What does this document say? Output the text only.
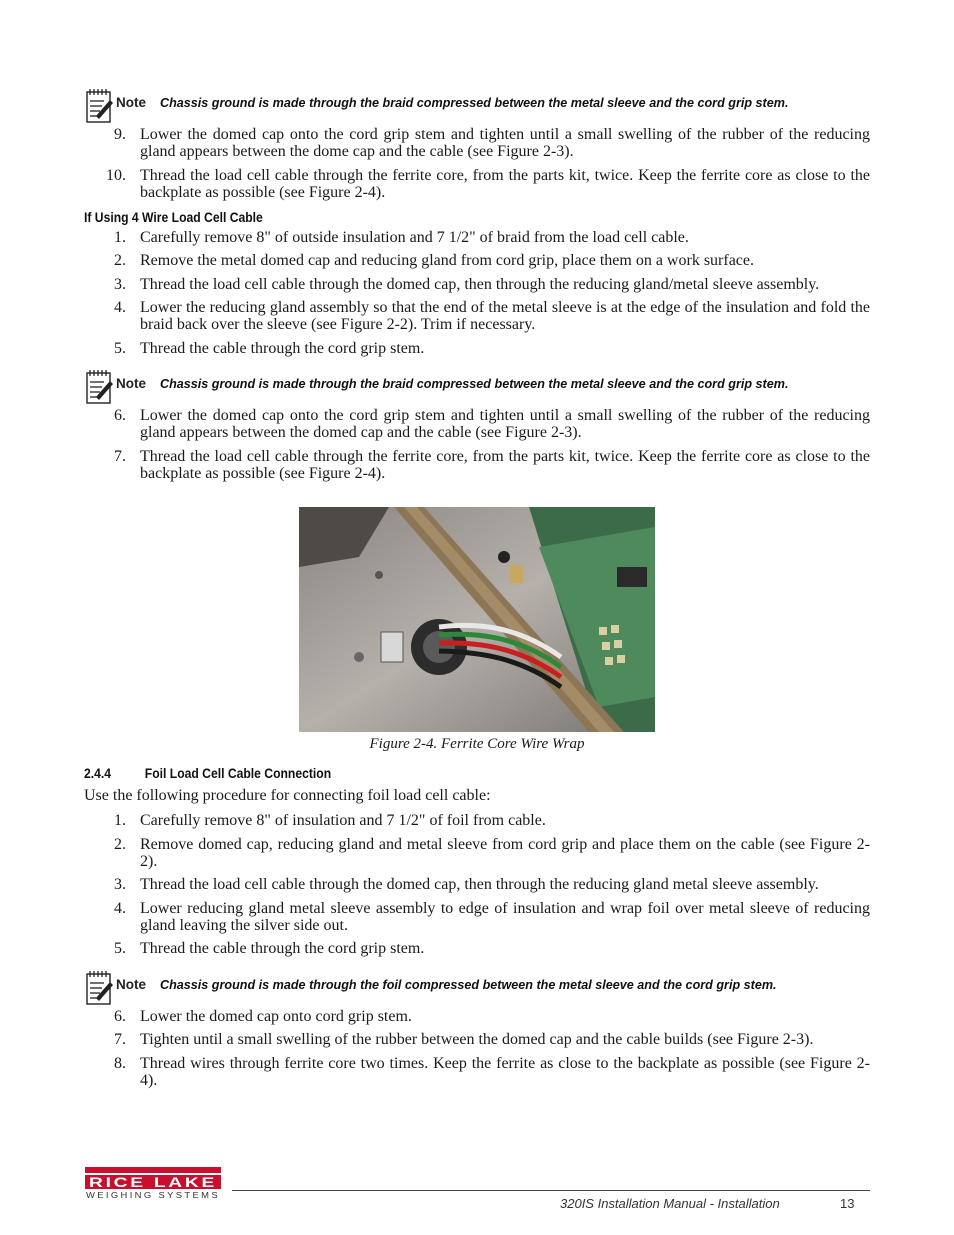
Note Chassis ground is made through the braid compressed between the metal sleeve and the cord grip stem.
9. Lower the domed cap onto the cord grip stem and tighten until a small swelling of the rubber of the reducing gland appears between the dome cap and the cable (see Figure 2-3).
10. Thread the load cell cable through the ferrite core, from the parts kit, twice. Keep the ferrite core as close to the backplate as possible (see Figure 2-4).
If Using 4 Wire Load Cell Cable
1. Carefully remove 8" of outside insulation and 7 1/2" of braid from the load cell cable.
2. Remove the metal domed cap and reducing gland from cord grip, place them on a work surface.
3. Thread the load cell cable through the domed cap, then through the reducing gland/metal sleeve assembly.
4. Lower the reducing gland assembly so that the end of the metal sleeve is at the edge of the insulation and fold the braid back over the sleeve (see Figure 2-2). Trim if necessary.
5. Thread the cable through the cord grip stem.
Note Chassis ground is made through the braid compressed between the metal sleeve and the cord grip stem.
6. Lower the domed cap onto the cord grip stem and tighten until a small swelling of the rubber of the reducing gland appears between the domed cap and the cable (see Figure 2-3).
7. Thread the load cell cable through the ferrite core, from the parts kit, twice. Keep the ferrite core as close to the backplate as possible (see Figure 2-4).
Figure 2-4. Ferrite Core Wire Wrap
2.4.4	Foil Load Cell Cable Connection
Use the following procedure for connecting foil load cell cable:
1. Carefully remove 8" of insulation and 7 1/2" of foil from cable.
2. Remove domed cap, reducing gland and metal sleeve from cord grip and place them on the cable (see Figure 2-2).
3. Thread the load cell cable through the domed cap, then through the reducing gland metal sleeve assembly.
4. Lower reducing gland metal sleeve assembly to edge of insulation and wrap foil over metal sleeve of reducing gland leaving the silver side out.
5. Thread the cable through the cord grip stem.
Note Chassis ground is made through the foil compressed between the metal sleeve and the cord grip stem.
6. Lower the domed cap onto cord grip stem.
7. Tighten until a small swelling of the rubber between the domed cap and the cable builds (see Figure 2-3).
8. Thread wires through ferrite core two times. Keep the ferrite as close to the backplate as possible (see Figure 2-4).
RICE LAKE
WEIGHING SYSTEMS
320IS Installation Manual - Installation	13
